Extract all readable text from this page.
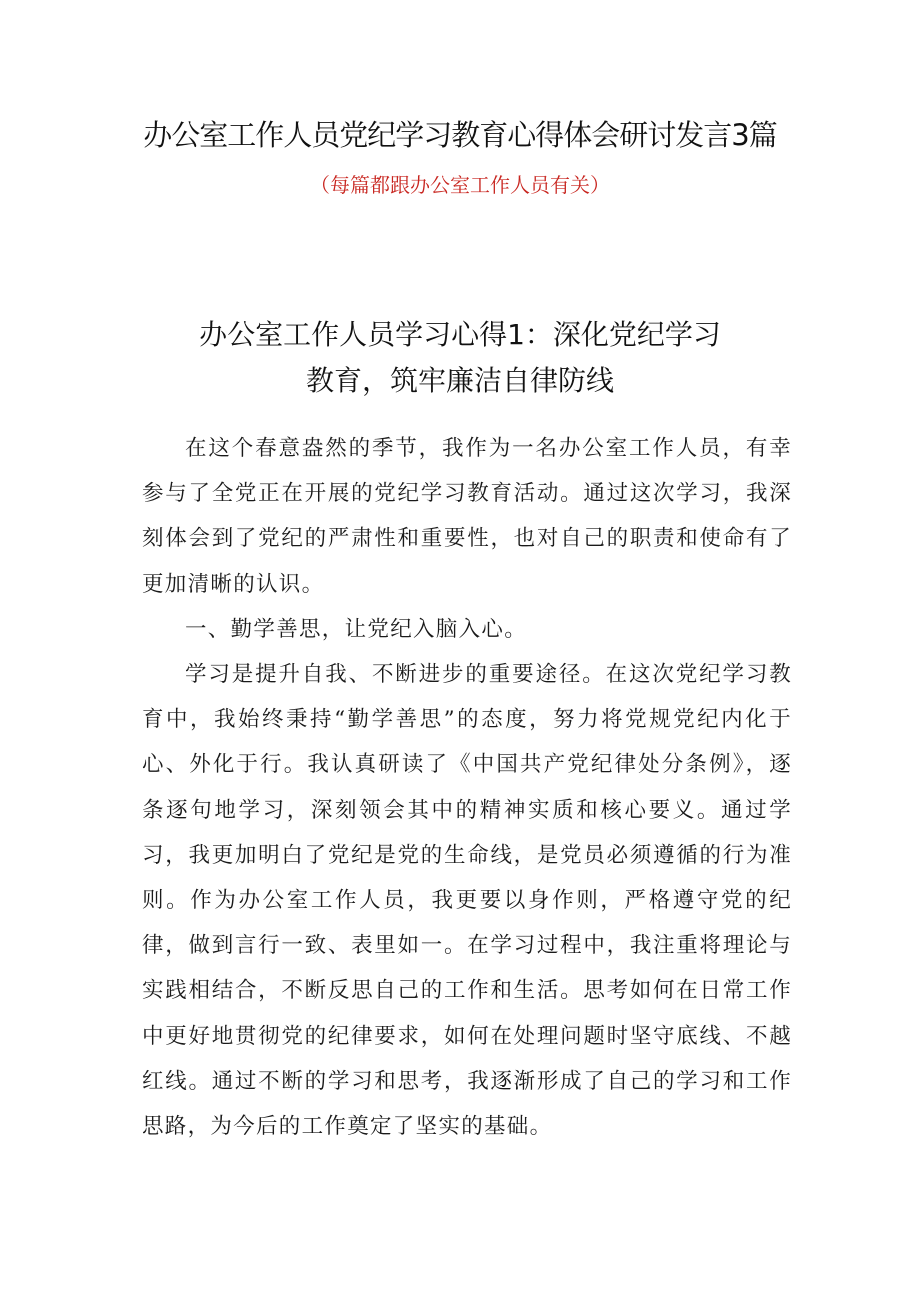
办公室工作人员党纪学习教育心得体会研讨发言3篇

（每篇都跟办公室工作人员有关）

办公室工作人员学习心得1：深化党纪学习
教育，筑牢廉洁自律防线

在这个春意盎然的季节，我作为一名办公室工作人员，有幸参与了全党正在开展的党纪学习教育活动。通过这次学习，我深刻体会到了党纪的严肃性和重要性，也对自己的职责和使命有了更加清晰的认识。

一、勤学善思，让党纪入脑入心。

学习是提升自我、不断进步的重要途径。在这次党纪学习教育中，我始终秉持“勤学善思”的态度，努力将党规党纪内化于心、外化于行。我认真研读了《中国共产党纪律处分条例》，逐条逐句地学习，深刻领会其中的精神实质和核心要义。通过学习，我更加明白了党纪是党的生命线，是党员必须遵循的行为准则。作为办公室工作人员，我更要以身作则，严格遵守党的纪律，做到言行一致、表里如一。在学习过程中，我注重将理论与实践相结合，不断反思自己的工作和生活。思考如何在日常工作中更好地贯彻党的纪律要求，如何在处理问题时坚守底线、不越红线。通过不断的学习和思考，我逐渐形成了自己的学习和工作思路，为今后的工作奠定了坚实的基础。
